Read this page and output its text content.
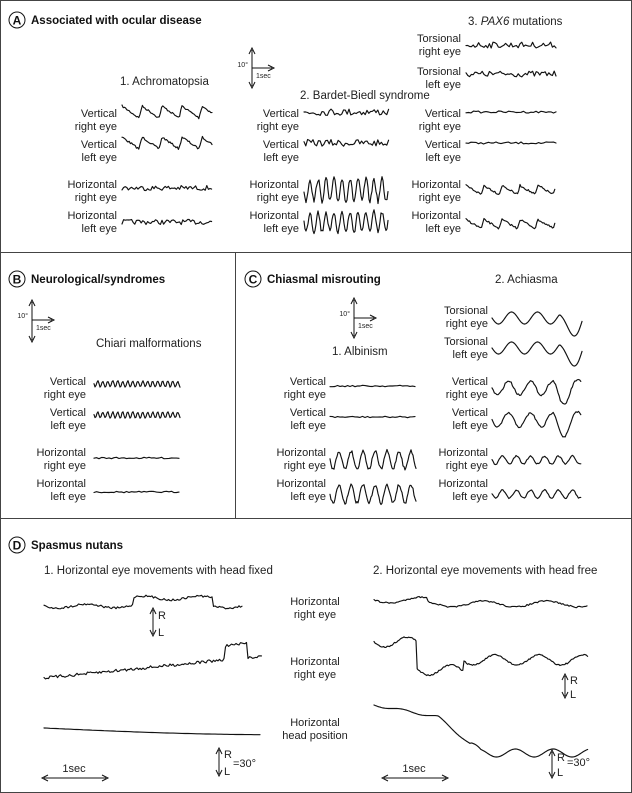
A Associated with ocular disease
10°
1sec
1. Achromatopsia
2. Bardet-Biedl syndrome
3. PAX6 mutations
Vertical
right eye
Vertical
left eye
Horizontal
right eye
Horizontal
left eye
Vertical
right eye
Vertical
left eye
Horizontal
right eye
Horizontal
left eye
Torsional
right eye
Torsional
left eye
Vertical
right eye
Vertical
left eye
Horizontal
right eye
Horizontal
left eye
B Neurological/syndromes
10°
1sec
Chiari malformations
Vertical
right eye
Vertical
left eye
Horizontal
right eye
Horizontal
left eye
C Chiasmal misrouting
10°
1sec
1. Albinism
2. Achiasma
Vertical
right eye
Vertical
left eye
Horizontal
right eye
Horizontal
left eye
Torsional
right eye
Torsional
left eye
Vertical
right eye
Vertical
left eye
Horizontal
right eye
Horizontal
left eye
D Spasmus nutans
1. Horizontal eye movements with head fixed	2. Horizontal eye movements with head free
Horizontal
right eye
Horizontal
right eye
Horizontal
head position
R
L
R
L
=30°
R
L
R
L
=30°
1sec	1sec
